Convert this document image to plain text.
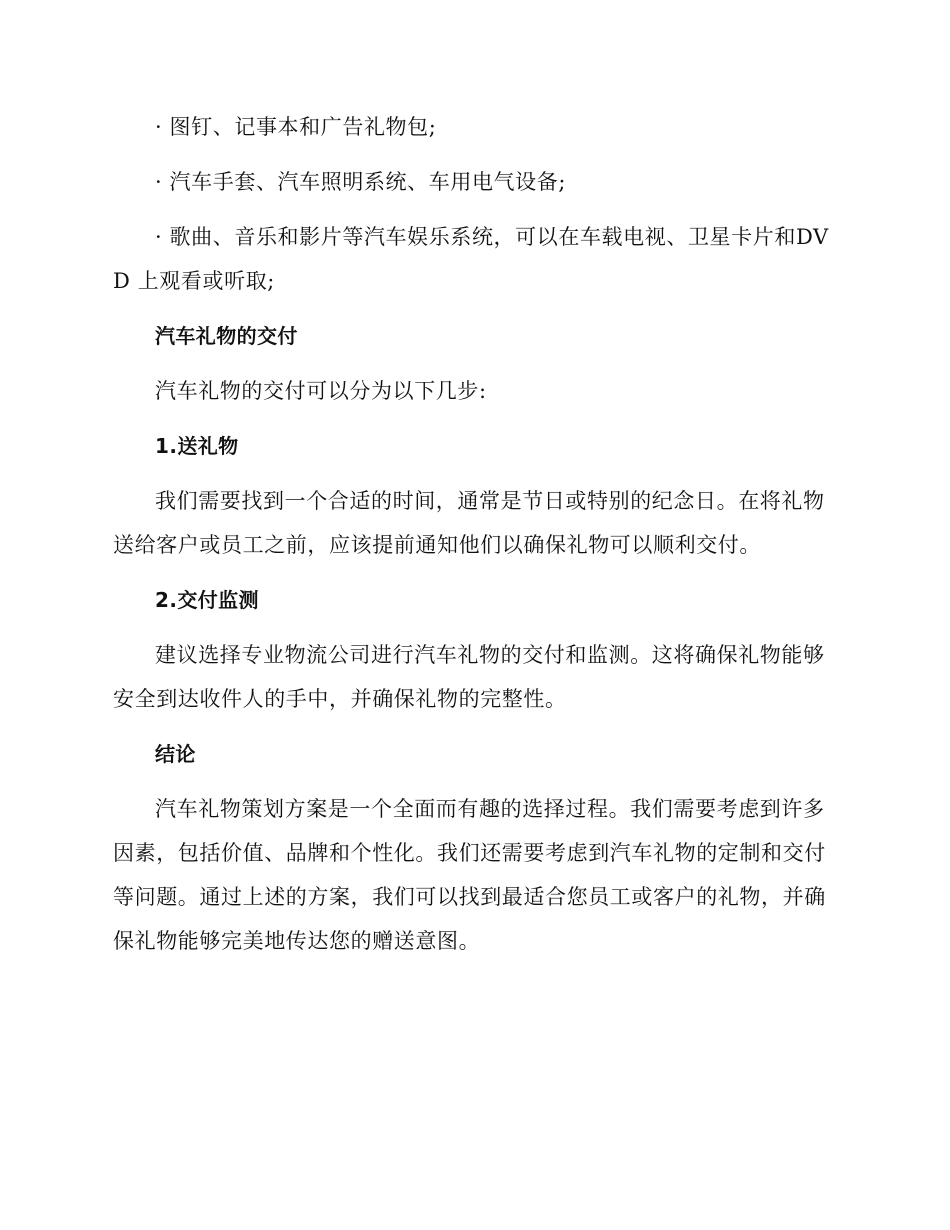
· 图钉、记事本和广告礼物包;

· 汽车手套、汽车照明系统、车用电气设备;

· 歌曲、音乐和影片等汽车娱乐系统，可以在车载电视、卫星卡片和DVD 上观看或听取;

汽车礼物的交付

汽车礼物的交付可以分为以下几步:

1.送礼物

我们需要找到一个合适的时间，通常是节日或特别的纪念日。在将礼物送给客户或员工之前，应该提前通知他们以确保礼物可以顺利交付。

2.交付监测

建议选择专业物流公司进行汽车礼物的交付和监测。这将确保礼物能够安全到达收件人的手中，并确保礼物的完整性。

结论

汽车礼物策划方案是一个全面而有趣的选择过程。我们需要考虑到许多因素，包括价值、品牌和个性化。我们还需要考虑到汽车礼物的定制和交付等问题。通过上述的方案，我们可以找到最适合您员工或客户的礼物，并确保礼物能够完美地传达您的赠送意图。
